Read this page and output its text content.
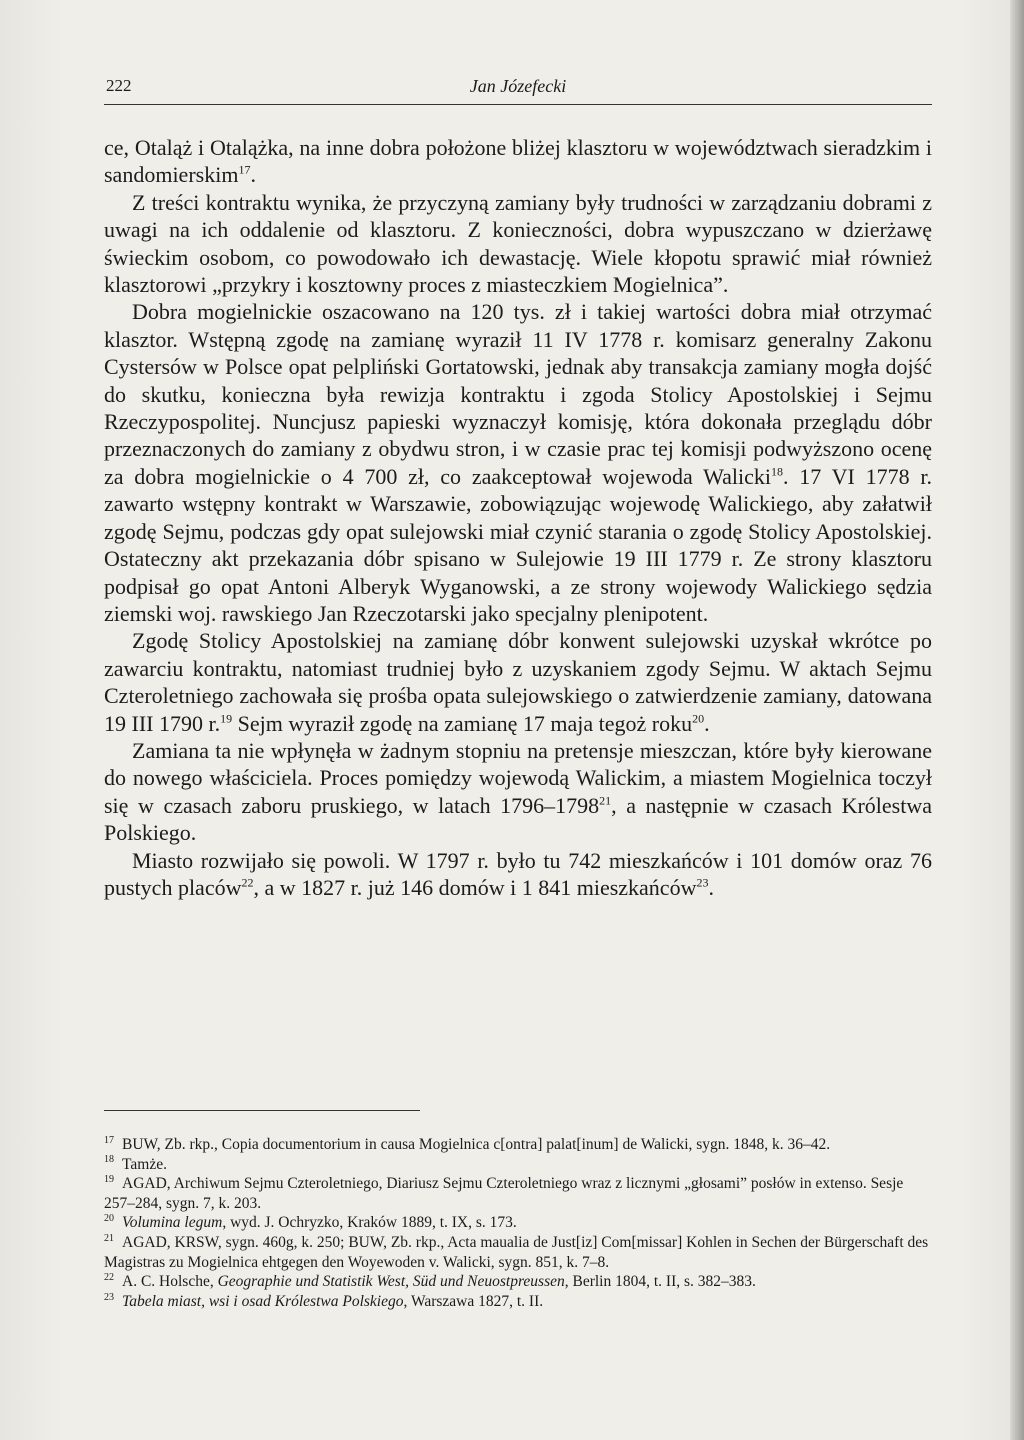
222	Jan Józefecki

ce, Otaląż i Otalążka, na inne dobra położone bliżej klasztoru w województwach sieradzkim i sandomierskim$^{17}$.

Z treści kontraktu wynika, że przyczyną zamiany były trudności w zarządzaniu dobrami z uwagi na ich oddalenie od klasztoru. Z konieczności, dobra wypuszczano w dzierżawę świeckim osobom, co powodowało ich dewastację. Wiele kłopotu sprawić miał również klasztorowi „przykry i kosztowny proces z miasteczkiem Mogielnica”.

Dobra mogielnickie oszacowano na 120 tys. zł i takiej wartości dobra miał otrzymać klasztor. Wstępną zgodę na zamianę wyraził 11 IV 1778 r. komisarz generalny Zakonu Cystersów w Polsce opat pelpliński Gortatowski, jednak aby transakcja zamiany mogła dojść do skutku, konieczna była rewizja kontraktu i zgoda Stolicy Apostolskiej i Sejmu Rzeczypospolitej. Nuncjusz papieski wyznaczył komisję, która dokonała przeglądu dóbr przeznaczonych do zamiany z obydwu stron, i w czasie prac tej komisji podwyższono ocenę za dobra mogielnickie o 4 700 zł, co zaakceptował wojewoda Walicki$^{18}$. 17 VI 1778 r. zawarto wstępny kontrakt w Warszawie, zobowiązując wojewodę Walickiego, aby załatwił zgodę Sejmu, podczas gdy opat sulejowski miał czynić starania o zgodę Stolicy Apostolskiej. Ostateczny akt przekazania dóbr spisano w Sulejowie 19 III 1779 r. Ze strony klasztoru podpisał go opat Antoni Alberyk Wyganowski, a ze strony wojewody Walickiego sędzia ziemski woj. rawskiego Jan Rzeczotarski jako specjalny plenipotent.

Zgodę Stolicy Apostolskiej na zamianę dóbr konwent sulejowski uzyskał wkrótce po zawarciu kontraktu, natomiast trudniej było z uzyskaniem zgody Sejmu. W aktach Sejmu Czteroletniego zachowała się prośba opata sulejowskiego o zatwierdzenie zamiany, datowana 19 III 1790 r.$^{19}$ Sejm wyraził zgodę na zamianę 17 maja tegoż roku$^{20}$.

Zamiana ta nie wpłynęła w żadnym stopniu na pretensje mieszczan, które były kierowane do nowego właściciela. Proces pomiędzy wojewodą Walickim, a miastem Mogielnica toczył się w czasach zaboru pruskiego, w latach 1796–1798$^{21}$, a następnie w czasach Królestwa Polskiego.

Miasto rozwijało się powoli. W 1797 r. było tu 742 mieszkańców i 101 domów oraz 76 pustych placów$^{22}$, a w 1827 r. już 146 domów i 1 841 mieszkańców$^{23}$.

$^{17}$ BUW, Zb. rkp., Copia documentorium in causa Mogielnica c[ontra] palat[inum] de Walicki, sygn. 1848, k. 36–42.

$^{18}$ Tamże.

$^{19}$ AGAD, Archiwum Sejmu Czteroletniego, Diariusz Sejmu Czteroletniego wraz z licznymi „głosami” posłów in extenso. Sesje 257–284, sygn. 7, k. 203.

$^{20}$ Volumina legum, wyd. J. Ochryzko, Kraków 1889, t. IX, s. 173.

$^{21}$ AGAD, KRSW, sygn. 460g, k. 250; BUW, Zb. rkp., Acta maualia de Just[iz] Com[missar] Kohlen in Sechen der Bürgerschaft des Magistras zu Mogielnica ehtgegen den Woyewoden v. Walicki, sygn. 851, k. 7–8.

$^{22}$ A. C. Holsche, Geographie und Statistik West, Süd und Neuostpreussen, Berlin 1804, t. II, s. 382–383.

$^{23}$ Tabela miast, wsi i osad Królestwa Polskiego, Warszawa 1827, t. II.
